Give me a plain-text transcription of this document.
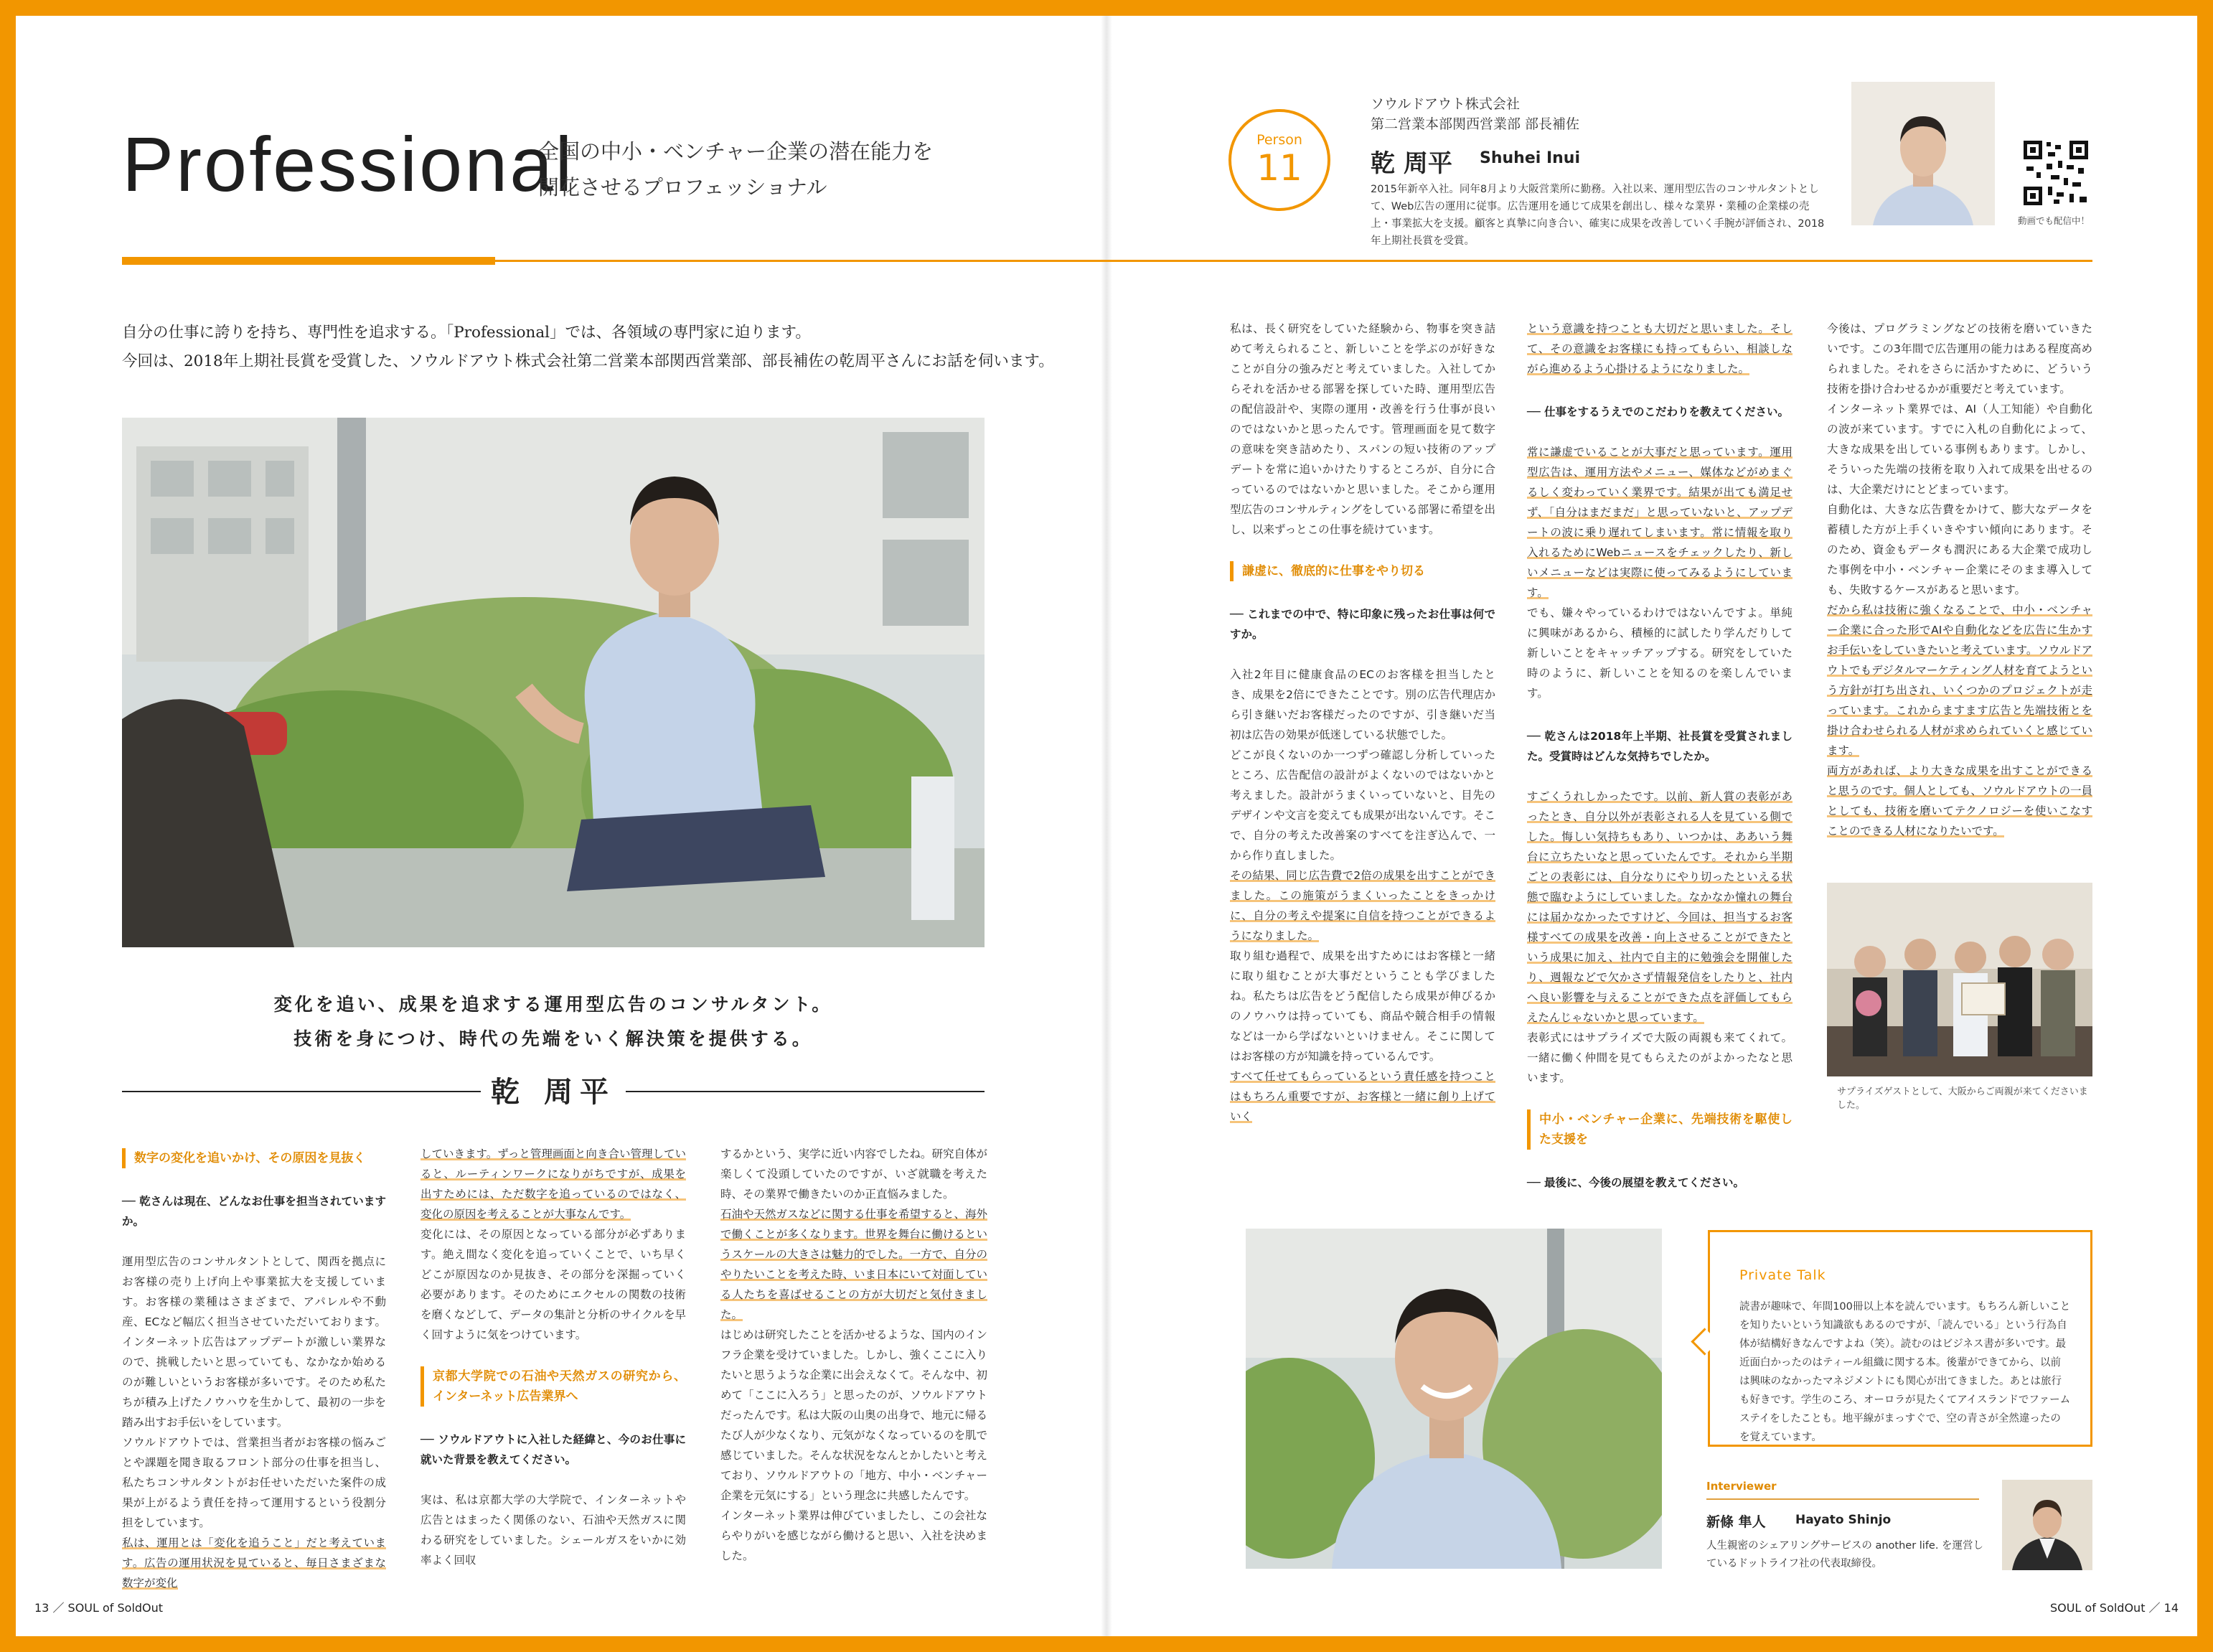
Professional
全国の中小・ベンチャー企業の潜在能力を
開花させるプロフェッショナル
Person
11
ソウルドアウト株式会社
第二営業本部関西営業部 部長補佐
乾 周平 Shuhei Inui
2015年新卒入社。同年8月より大阪営業所に勤務。入社以来、運用型広告のコンサルタントとして、Web広告の運用に従事。広告運用を通じて成果を創出し、様々な業界・業種の企業様の売上・事業拡大を支援。顧客と真摯に向き合い、確実に成果を改善していく手腕が評価され、2018年上期社長賞を受賞。
動画でも配信中！
自分の仕事に誇りを持ち、専門性を追求する。「Professional」では、各領域の専門家に迫ります。
今回は、2018年上期社長賞を受賞した、ソウルドアウト株式会社第二営業本部関西営業部、部長補佐の乾周平さんにお話を伺います。
変化を追い、成果を追求する運用型広告のコンサルタント。
技術を身につけ、時代の先端をいく解決策を提供する。
乾 周平

数字の変化を追いかけ、その原因を見抜く

── 乾さんは現在、どんなお仕事を担当されていますか。

運用型広告のコンサルタントとして、関西を拠点にお客様の売り上げ向上や事業拡大を支援しています。お客様の業種はさまざまで、アパレルや不動産、ECなど幅広く担当させていただいております。インターネット広告はアップデートが激しい業界なので、挑戦したいと思っていても、なかなか始めるのが難しいというお客様が多いです。そのため私たちが積み上げたノウハウを生かして、最初の一歩を踏み出すお手伝いをしています。

ソウルドアウトでは、営業担当者がお客様の悩みごとや課題を聞き取るフロント部分の仕事を担当し、私たちコンサルタントがお任せいただいた案件の成果が上がるよう責任を持って運用するという役割分担をしています。

私は、運用とは「変化を追うこと」だと考えています。広告の運用状況を見ていると、毎日さまざまな数字が変化

していきます。ずっと管理画面と向き合い管理していると、ルーティンワークになりがちですが、成果を出すためには、ただ数字を追っているのではなく、変化の原因を考えることが大事なんです。

変化には、その原因となっている部分が必ずあります。絶え間なく変化を追っていくことで、いち早くどこが原因なのか見抜き、その部分を深掘っていく必要があります。そのためにエクセルの関数の技術を磨くなどして、データの集計と分析のサイクルを早く回すように気をつけています。

京都大学院での石油や天然ガスの研究から、インターネット広告業界へ

── ソウルドアウトに入社した経緯と、今のお仕事に就いた背景を教えてください。

実は、私は京都大学の大学院で、インターネットや広告とはまったく関係のない、石油や天然ガスに関わる研究をしていました。シェールガスをいかに効率よく回収

するかという、実学に近い内容でしたね。研究自体が楽しくて没頭していたのですが、いざ就職を考えた時、その業界で働きたいのか正直悩みました。

石油や天然ガスなどに関する仕事を希望すると、海外で働くことが多くなります。世界を舞台に働けるというスケールの大きさは魅力的でした。一方で、自分のやりたいことを考えた時、いま日本にいて対面している人たちを喜ばせることの方が大切だと気付きました。

はじめは研究したことを活かせるような、国内のインフラ企業を受けていました。しかし、強くここに入りたいと思うような企業に出会えなくて。そんな中、初めて「ここに入ろう」と思ったのが、ソウルドアウトだったんです。私は大阪の山奥の出身で、地元に帰るたび人が少なくなり、元気がなくなっているのを肌で感じていました。そんな状況をなんとかしたいと考えており、ソウルドアウトの「地方、中小・ベンチャー企業を元気にする」という理念に共感したんです。

インターネット業界は伸びていましたし、この会社ならやりがいを感じながら働けると思い、入社を決めました。

私は、長く研究をしていた経験から、物事を突き詰めて考えられること、新しいことを学ぶのが好きなことが自分の強みだと考えていました。入社してからそれを活かせる部署を探していた時、運用型広告の配信設計や、実際の運用・改善を行う仕事が良いのではないかと思ったんです。管理画面を見て数字の意味を突き詰めたり、スパンの短い技術のアップデートを常に追いかけたりするところが、自分に合っているのではないかと思いました。そこから運用型広告のコンサルティングをしている部署に希望を出し、以来ずっとこの仕事を続けています。

謙虚に、徹底的に仕事をやり切る

── これまでの中で、特に印象に残ったお仕事は何ですか。

入社2年目に健康食品のECのお客様を担当したとき、成果を2倍にできたことです。別の広告代理店から引き継いだお客様だったのですが、引き継いだ当初は広告の効果が低迷している状態でした。

どこが良くないのか一つずつ確認し分析していったところ、広告配信の設計がよくないのではないかと考えました。設計がうまくいっていないと、目先のデザインや文言を変えても成果が出ないんです。そこで、自分の考えた改善案のすべてを注ぎ込んで、一から作り直しました。

その結果、同じ広告費で2倍の成果を出すことができました。この施策がうまくいったことをきっかけに、自分の考えや提案に自信を持つことができるようになりました。

取り組む過程で、成果を出すためにはお客様と一緒に取り組むことが大事だということも学びましたね。私たちは広告をどう配信したら成果が伸びるかのノウハウは持っていても、商品や競合相手の情報などは一から学ばないといけません。そこに関してはお客様の方が知識を持っているんです。

すべて任せてもらっているという責任感を持つことはもちろん重要ですが、お客様と一緒に創り上げていく

という意識を持つことも大切だと思いました。そして、その意識をお客様にも持ってもらい、相談しながら進めるよう心掛けるようになりました。

── 仕事をするうえでのこだわりを教えてください。

常に謙虚でいることが大事だと思っています。運用型広告は、運用方法やメニュー、媒体などがめまぐるしく変わっていく業界です。結果が出ても満足せず、「自分はまだまだ」と思っていないと、アップデートの波に乗り遅れてしまいます。常に情報を取り入れるためにWebニュースをチェックしたり、新しいメニューなどは実際に使ってみるようにしています。

でも、嫌々やっているわけではないんですよ。単純に興味があるから、積極的に試したり学んだりして新しいことをキャッチアップする。研究をしていた時のように、新しいことを知るのを楽しんでいます。

── 乾さんは2018年上半期、社長賞を受賞されました。受賞時はどんな気持ちでしたか。

すごくうれしかったです。以前、新人賞の表彰があったとき、自分以外が表彰される人を見ている側でした。悔しい気持ちもあり、いつかは、ああいう舞台に立ちたいなと思っていたんです。それから半期ごとの表彰には、自分なりにやり切ったといえる状態で臨むようにしていました。なかなか憧れの舞台には届かなかったですけど、今回は、担当するお客様すべての成果を改善・向上させることができたという成果に加え、社内で自主的に勉強会を開催したり、週報などで欠かさず情報発信をしたりと、社内へ良い影響を与えることができた点を評価してもらえたんじゃないかと思っています。

表彰式にはサプライズで大阪の両親も来てくれて。一緒に働く仲間を見てもらえたのがよかったなと思います。

中小・ベンチャー企業に、先端技術を駆使した支援を

── 最後に、今後の展望を教えてください。

今後は、プログラミングなどの技術を磨いていきたいです。この3年間で広告運用の能力はある程度高められました。それをさらに活かすために、どういう技術を掛け合わせるかが重要だと考えています。

インターネット業界では、AI（人工知能）や自動化の波が来ています。すでに入札の自動化によって、大きな成果を出している事例もあります。しかし、そういった先端の技術を取り入れて成果を出せるのは、大企業だけにとどまっています。

自動化は、大きな広告費をかけて、膨大なデータを蓄積した方が上手くいきやすい傾向にあります。そのため、資金もデータも潤沢にある大企業で成功した事例を中小・ベンチャー企業にそのまま導入しても、失敗するケースがあると思います。

だから私は技術に強くなることで、中小・ベンチャー企業に合った形でAIや自動化などを広告に生かすお手伝いをしていきたいと考えています。ソウルドアウトでもデジタルマーケティング人材を育てようという方針が打ち出され、いくつかのプロジェクトが走っています。これからますます広告と先端技術とを掛け合わせられる人材が求められていくと感じています。

両方があれば、より大きな成果を出すことができると思うのです。個人としても、ソウルドアウトの一員としても、技術を磨いてテクノロジーを使いこなすことのできる人材になりたいです。

サプライズゲストとして、大阪からご両親が来てくださいました。
Private Talk
読書が趣味で、年間100冊以上本を読んでいます。もちろん新しいことを知りたいという知識欲もあるのですが、「読んでいる」という行為自体が結構好きなんですよね（笑）。読むのはビジネス書が多いです。最近面白かったのはティール組織に関する本。後輩ができてから、以前は興味のなかったマネジメントにも関心が出てきました。あとは旅行も好きです。学生のころ、オーロラが見たくてアイスランドでファームステイをしたことも。地平線がまっすぐで、空の青さが全然違ったのを覚えています。
Interviewer
新條 隼人 Hayato Shinjo
人生親密のシェアリングサービスの another life. を運営しているドットライフ社の代表取締役。
13 ／ SOUL of SoldOut	SOUL of SoldOut ／ 14
